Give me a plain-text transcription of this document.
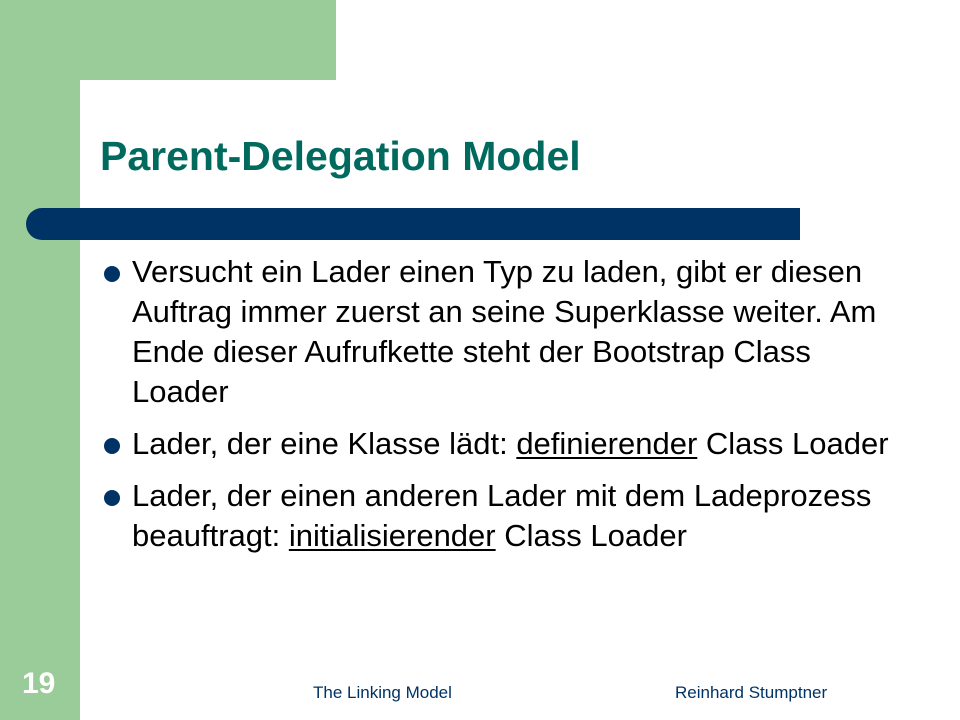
Parent-Delegation Model
Versucht ein Lader einen Typ zu laden, gibt er diesen Auftrag immer zuerst an seine Superklasse weiter. Am Ende dieser Aufrufkette steht der Bootstrap Class Loader
Lader, der eine Klasse lädt: definierender Class Loader
Lader, der einen anderen Lader mit dem Ladeprozess beauftragt: initialisierender Class Loader
19	The Linking Model	Reinhard Stumptner
